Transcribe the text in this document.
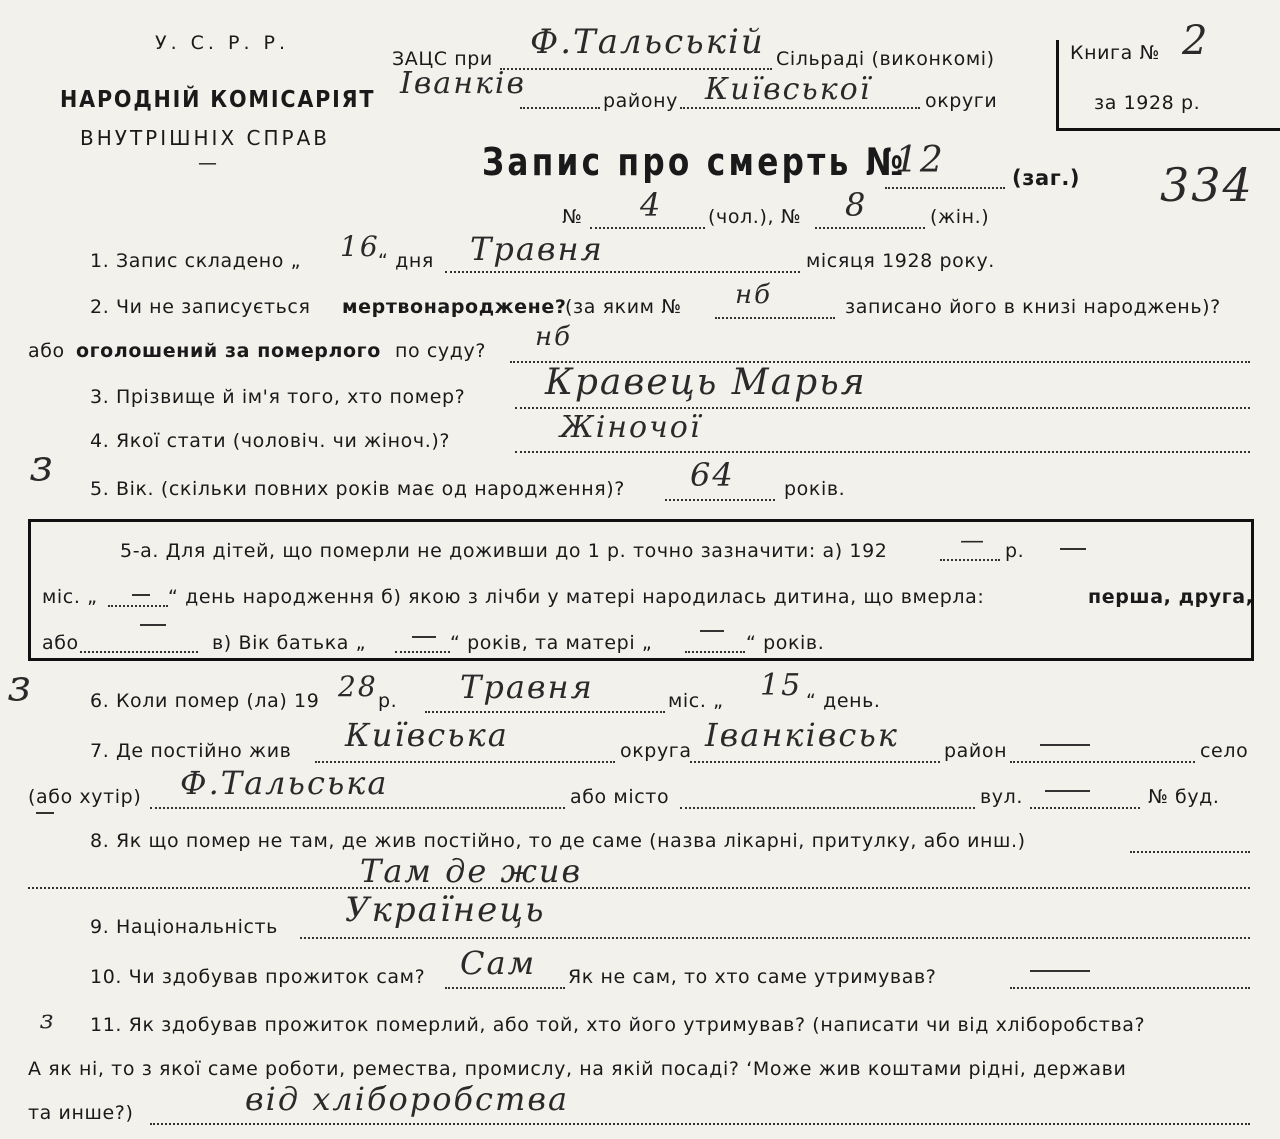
У. С. Р. Р.
НАРОДНІЙ КОМІСАРІЯТ
ВНУТРІШНІХ СПРАВ
—
ЗАЦС при Ф.Тальській Сільраді (виконкомі)
Іванків	району Київської	округи
Книга № 2
за 1928 р.
Запис про смерть №
12	(заг.) 334
№ 4 (чол.), № 8	(жін.)
1. Запис складено „ 16
“ дня Травня	місяця 1928 року.
2. Чи не записується мертвонароджене?
(за яким № нб	записано його в книзі народжень)?
або оголошений за померлого по суду? нб
3. Прізвище й ім'я того, хто помер? Кравець Марья
4. Якої стати (чоловіч. чи жіноч.)?	Жіночої
5. Вік. (скільки повних років має од народження)? 64	років.
ɜ
ɜ
5-а. Для дітей, що померли не доживши до 1 р. точно зазначити: а) 192	— р.
міс. „	“ день народження б) якою з лічби у матері народилась дитина, що вмерла:	перша, друга,
або	в) Вік батька „	“ років, та матері „	“ років.
6. Коли помер (ла) 19 28 р. Травня	міс. „ 15 “ день.
7. Де постійно жив Київська	округа Іванківськ район	село
(або хутір) Ф.Тальська	або місто	вул.	№ буд.
8. Як що помер не там, де жив постійно, то де саме (назва лікарні, притулку, або инш.)
Там де жив
9. Національність Українець
10. Чи здобував прожиток сам? Сам Як не сам, то хто саме утримував?
ɜ 11. Як здобував прожиток померлий, або той, хто його утримував? (написати чи від хліборобства?
А як ні, то з якої саме роботи, ремества, промислу, на якій посаді? ʻМоже жив коштами рідні, держави
та инше?)	від хліборобства
